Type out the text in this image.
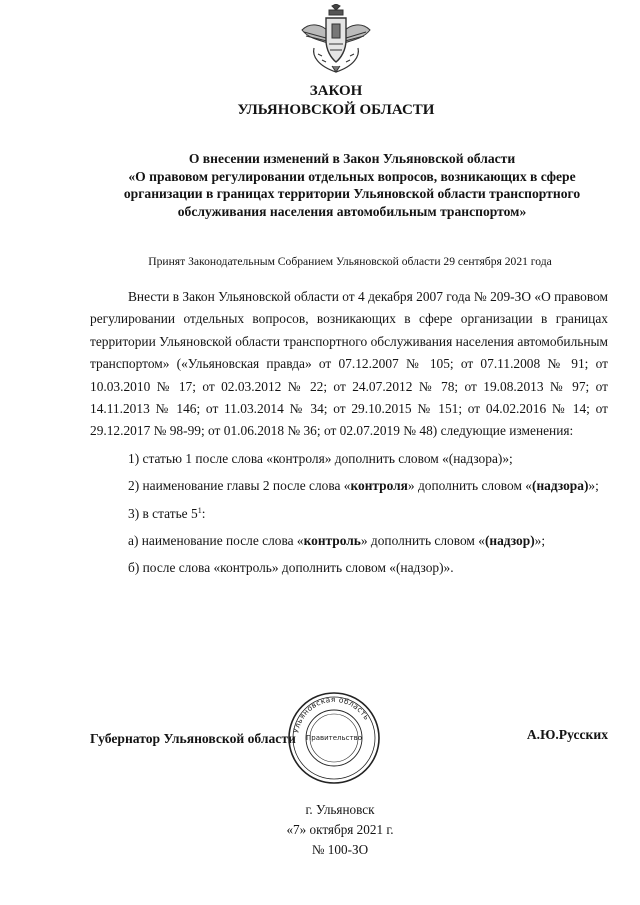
ЗАКОН
УЛЬЯНОВСКОЙ ОБЛАСТИ
О внесении изменений в Закон Ульяновской области
«О правовом регулировании отдельных вопросов, возникающих в сфере
организации в границах территории Ульяновской области транспортного
обслуживания населения автомобильным транспортом»
Принят Законодательным Собранием Ульяновской области 29 сентября 2021 года

Внести в Закон Ульяновской области от 4 декабря 2007 года № 209-ЗО «О правовом регулировании отдельных вопросов, возникающих в сфере организации в границах территории Ульяновской области транспортного обслуживания населения автомобильным транспортом» («Ульяновская правда» от 07.12.2007 № 105; от 07.11.2008 № 91; от 10.03.2010 № 17; от 02.03.2012 № 22; от 24.07.2012 № 78; от 19.08.2013 № 97; от 14.11.2013 № 146; от 11.03.2014 № 34; от 29.10.2015 № 151; от 04.02.2016 № 14; от 29.12.2017 № 98-99; от 01.06.2018 № 36; от 02.07.2019 № 48) следующие изменения:

1) статью 1 после слова «контроля» дополнить словом «(надзора)»;

2) наименование главы 2 после слова «контроля» дополнить словом «(надзора)»;

3) в статье $5^1$:

а) наименование после слова «контроль» дополнить словом «(надзор)»;

б) после слова «контроль» дополнить словом «(надзор)».

Губернатор Ульяновской области	А.Ю.Русских
Ульяновская область
Правительство
г. Ульяновск
«7» октября 2021 г.
№ 100-ЗО
